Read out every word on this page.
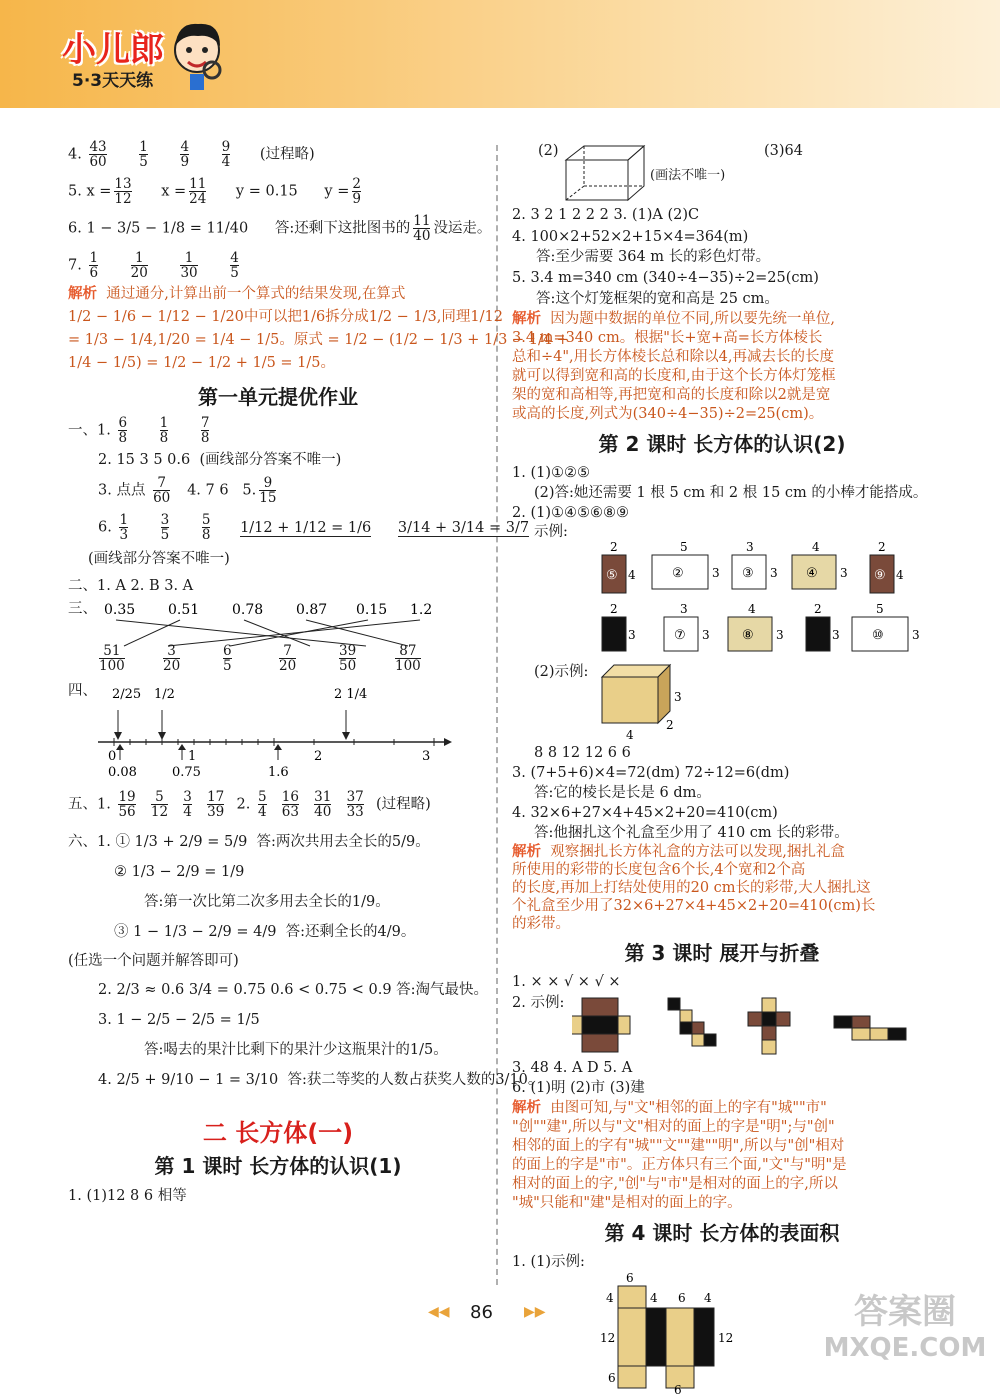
小儿郎
5·3天天练
4. $\frac{43}{60}$
$\frac{1}{5}$
$\frac{4}{9}$
$\frac{9}{4}$ (过程略)
5. $x = \frac{13}{12}$ $x = \frac{11}{24}$ y = 0.15 $y = \frac{2}{9}$
6. 1 − 3/5 − 1/8 = 11/40 答:还剩下这批图书的 $\frac{11}{40}$ 没运走。
7. $\frac{1}{6}$
$\frac{1}{20}$
$\frac{1}{30}$
$\frac{4}{5}$
解析 通过通分,计算出前一个算式的结果发现,在算式
1/2 − 1/6 − 1/12 − 1/20中可以把1/6拆分成1/2 − 1/3,同理1/12
= 1/3 − 1/4,1/20 = 1/4 − 1/5。原式 = 1/2 − (1/2 − 1/3 + 1/3 − 1/4 +
1/4 − 1/5) = 1/2 − 1/2 + 1/5 = 1/5。
第一单元提优作业
一、1. $\frac{6}{8}$
$\frac{1}{8}$
$\frac{7}{8}$
2. 15 3 5 0.6 (画线部分答案不唯一)
3. 点点 $\frac{7}{60} 4$. 7 6 5. $\frac{9}{15}$
6. $\frac{1}{3}$
$\frac{3}{5}$
$\frac{5}{8} 1/12 + 1/12 = 1/6$ 3/14 + 3/14 = 3/7
(画线部分答案不唯一)
二、1. A 2. B 3. A
三、 0.35 0.51 0.78 0.87 0.15 1.2
$\frac{51}{100}$	$\frac{3}{20}$	$\frac{6}{5}$	$\frac{7}{20}$	$\frac{39}{50}$	$\frac{87}{100}$
四、 2/25 1/2	2 1/4
0	1	2	3
0.08	0.75	1.6
五、1. $\frac{19}{56}$
$\frac{5}{12}$
$\frac{3}{4}$
$\frac{17}{39} 2$. $\frac{5}{4}$
$\frac{16}{63}$
$\frac{31}{40}$
$\frac{37}{33}$ (过程略)
六、1. ① 1/3 + 2/9 = 5/9 答:两次共用去全长的5/9。
② 1/3 − 2/9 = 1/9
答:第一次比第二次多用去全长的1/9。
③ 1 − 1/3 − 2/9 = 4/9 答:还剩全长的4/9。
(任选一个问题并解答即可)
2. 2/3 ≈ 0.6 3/4 = 0.75 0.6 < 0.75 < 0.9 答:淘气最快。
3. 1 − 2/5 − 2/5 = 1/5
答:喝去的果汁比剩下的果汁少这瓶果汁的1/5。
4. 2/5 + 9/10 − 1 = 3/10 答:获二等奖的人数占获奖人数的3/10。
二 长方体(一)
第 1 课时 长方体的认识(1)
1. (1)12 8 6 相等
(2)
(画法不唯一)
(3)64
2. 3 2 1 2 2 2 3. (1)A (2)C
4. 100×2+52×2+15×4=364(m)
答:至少需要 364 m 长的彩色灯带。
5. 3.4 m=340 cm (340÷4−35)÷2=25(cm)
答:这个灯笼框架的宽和高是 25 cm。
解析 因为题中数据的单位不同,所以要先统一单位,
3.4 m=340 cm。根据"长+宽+高=长方体棱长
总和÷4",用长方体棱长总和除以4,再减去长的长度
就可以得到宽和高的长度和,由于这个长方体灯笼框
架的宽和高相等,再把宽和高的长度和除以2就是宽
或高的长度,列式为(340÷4−35)÷2=25(cm)。
第 2 课时 长方体的认识(2)
1. (1)①②⑤
(2)答:她还需要 1 根 5 cm 和 2 根 15 cm 的小棒才能搭成。
2. (1)①④⑤⑥⑧⑨
示例:
2
⑤ 4
5
② 3
3
③ 3
4
④ 3
2
⑨ 4
2
3
3
⑦ 3
4
⑧ 3
2
3
5
⑩ 3
(2)示例:
3
2
4
8 8 12 12 6 6
3. (7+5+6)×4=72(dm) 72÷12=6(dm)
答:它的棱长是长是 6 dm。
4. 32×6+27×4+45×2+20=410(cm)
答:他捆扎这个礼盒至少用了 410 cm 长的彩带。
解析 观察捆扎长方体礼盒的方法可以发现,捆扎礼盒
所使用的彩带的长度包含6个长,4个宽和2个高
的长度,再加上打结处使用的20 cm长的彩带,大人捆扎这
个礼盒至少用了32×6+27×4+45×2+20=410(cm)长
的彩带。
第 3 课时 展开与折叠
1. × × √ × √ ×
2. 示例:
3. 48 4. A D 5. A
6. (1)明 (2)市 (3)建
解析 由图可知,与"文"相邻的面上的字有"城""市"
"创""建",所以与"文"相对的面上的字是"明";与"创"
相邻的面上的字有"城""文""建""明",所以与"创"相对
的面上的字是"市"。正方体只有三个面,"文"与"明"是
相对的面上的字,"创"与"市"是相对的面上的字,所以
"城"只能和"建"是相对的面上的字。
第 4 课时 长方体的表面积
1. (1)示例:
6
4	4 6 4
12	12
6
6
◀◀ 86 ▶▶	答案圈
MXQE.COM
